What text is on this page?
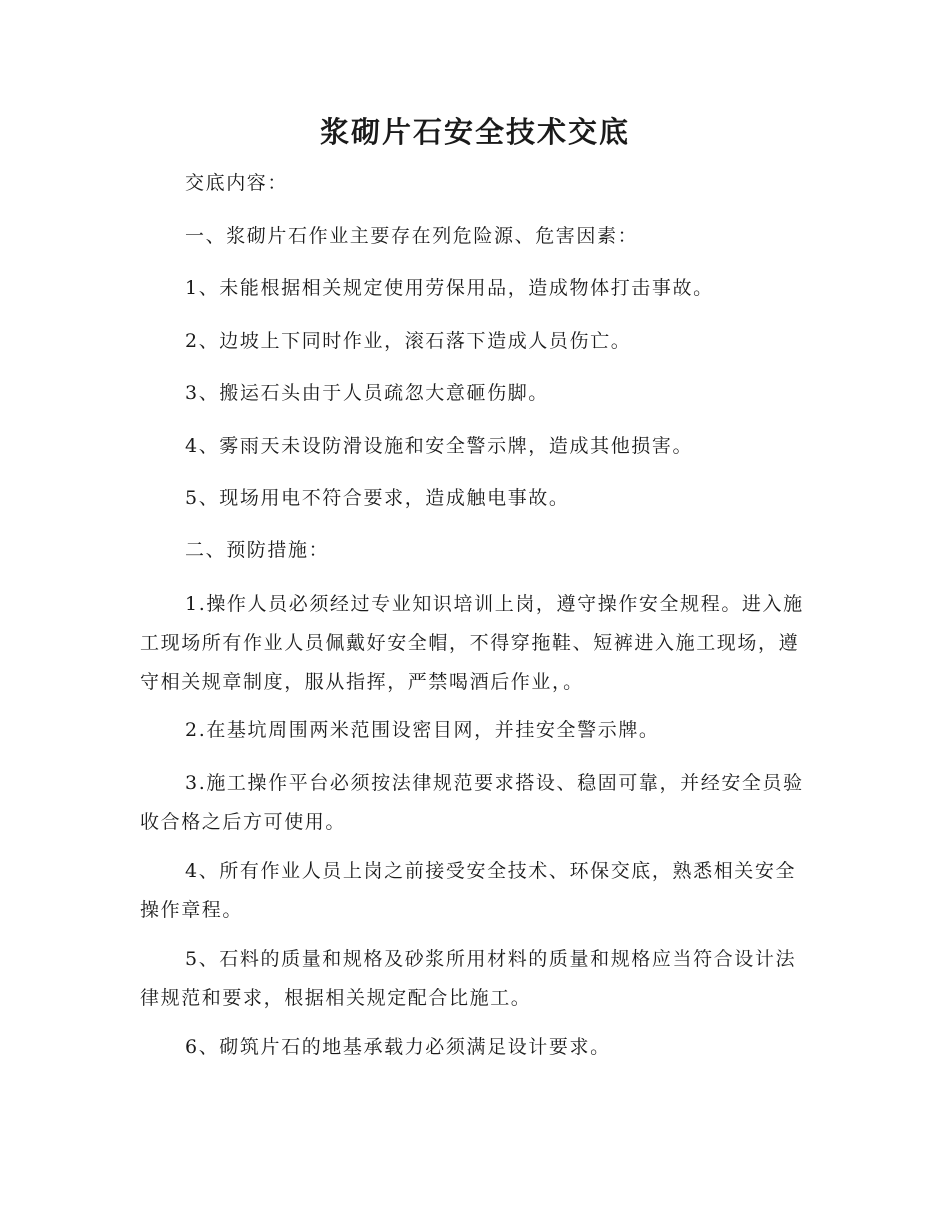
浆砌片石安全技术交底

交底内容：

一、浆砌片石作业主要存在列危险源、危害因素：

1、未能根据相关规定使用劳保用品，造成物体打击事故。

2、边坡上下同时作业，滚石落下造成人员伤亡。

3、搬运石头由于人员疏忽大意砸伤脚。

4、雾雨天未设防滑设施和安全警示牌，造成其他损害。

5、现场用电不符合要求，造成触电事故。

二、预防措施：

1.操作人员必须经过专业知识培训上岗，遵守操作安全规程。进入施工现场所有作业人员佩戴好安全帽，不得穿拖鞋、短裤进入施工现场，遵守相关规章制度，服从指挥，严禁喝酒后作业，。

2.在基坑周围两米范围设密目网，并挂安全警示牌。

3.施工操作平台必须按法律规范要求搭设、稳固可靠，并经安全员验收合格之后方可使用。

4、所有作业人员上岗之前接受安全技术、环保交底，熟悉相关安全操作章程。

5、石料的质量和规格及砂浆所用材料的质量和规格应当符合设计法律规范和要求，根据相关规定配合比施工。

6、砌筑片石的地基承载力必须满足设计要求。
